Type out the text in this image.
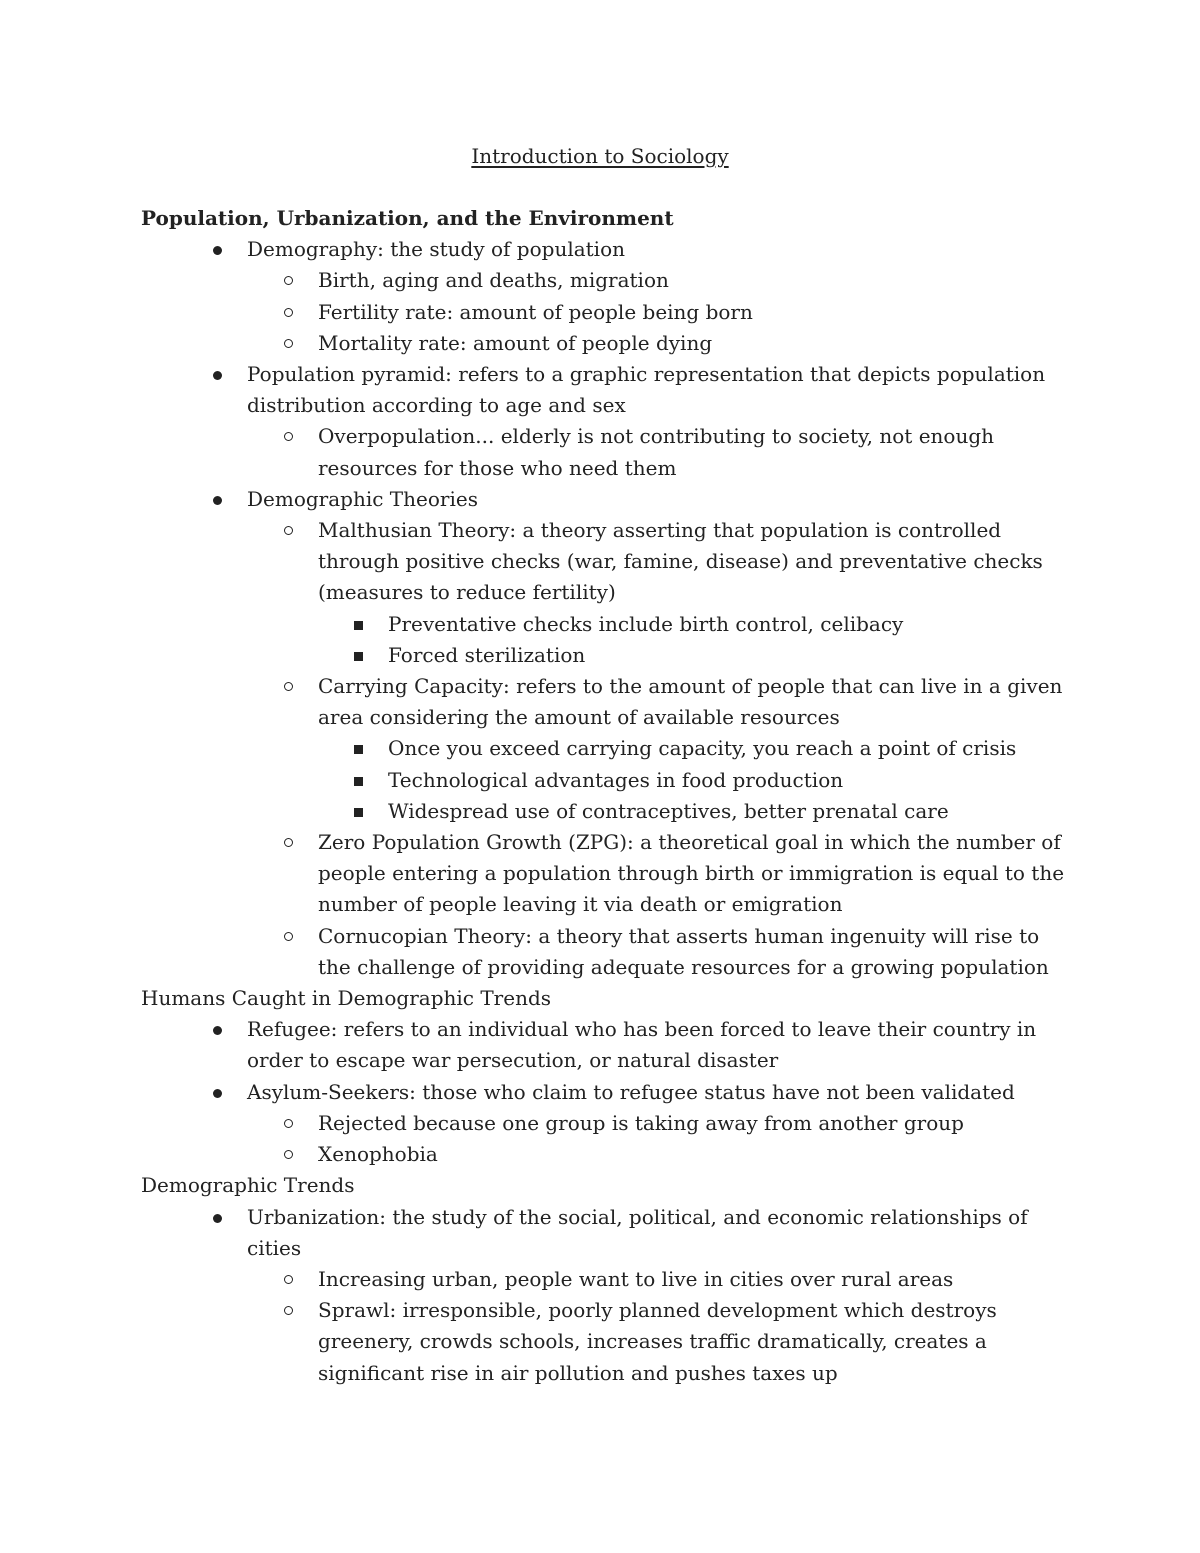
Introduction to Sociology
Population, Urbanization, and the Environment
Demography: the study of population
Birth, aging and deaths, migration
Fertility rate: amount of people being born
Mortality rate: amount of people dying
Population pyramid: refers to a graphic representation that depicts population distribution according to age and sex
Overpopulation... elderly is not contributing to society, not enough resources for those who need them
Demographic Theories
Malthusian Theory: a theory asserting that population is controlled through positive checks (war, famine, disease) and preventative checks (measures to reduce fertility)
Preventative checks include birth control, celibacy
Forced sterilization
Carrying Capacity: refers to the amount of people that can live in a given area considering the amount of available resources
Once you exceed carrying capacity, you reach a point of crisis
Technological advantages in food production
Widespread use of contraceptives, better prenatal care
Zero Population Growth (ZPG): a theoretical goal in which the number of people entering a population through birth or immigration is equal to the number of people leaving it via death or emigration
Cornucopian Theory: a theory that asserts human ingenuity will rise to the challenge of providing adequate resources for a growing population
Humans Caught in Demographic Trends
Refugee: refers to an individual who has been forced to leave their country in order to escape war persecution, or natural disaster
Asylum-Seekers: those who claim to refugee status have not been validated
Rejected because one group is taking away from another group
Xenophobia
Demographic Trends
Urbanization: the study of the social, political, and economic relationships of cities
Increasing urban, people want to live in cities over rural areas
Sprawl: irresponsible, poorly planned development which destroys greenery, crowds schools, increases traffic dramatically, creates a significant rise in air pollution and pushes taxes up
